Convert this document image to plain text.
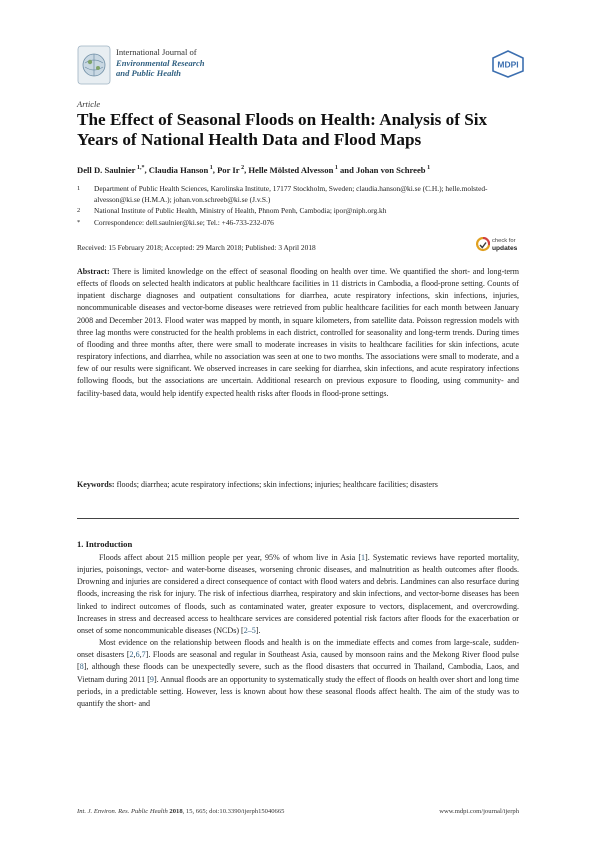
International Journal of
Environmental Research
and Public Health
MDPI
Article
The Effect of Seasonal Floods on Health: Analysis of Six Years of National Health Data and Flood Maps
Dell D. Saulnier $^{1,*}$, Claudia Hanson $^1$, Por Ir $^2$, Helle Mölsted Alvesson $^1$ and Johan von Schreeb $^1$
1	Department of Public Health Sciences, Karolinska Institute, 17177 Stockholm, Sweden; claudia.hanson@ki.se (C.H.); helle.molsted-alvesson@ki.se (H.M.A.); johan.von.schreeb@ki.se (J.v.S.)
2	National Institute of Public Health, Ministry of Health, Phnom Penh, Cambodia; ipor@niph.org.kh
*	Correspondence: dell.saulnier@ki.se; Tel.: +46-733-232-076
Received: 15 February 2018; Accepted: 29 March 2018; Published: 3 April 2018
check for
updates
Abstract: There is limited knowledge on the effect of seasonal flooding on health over time. We quantified the short- and long-term effects of floods on selected health indicators at public healthcare facilities in 11 districts in Cambodia, a flood-prone setting. Counts of inpatient discharge diagnoses and outpatient consultations for diarrhea, acute respiratory infections, skin infections, injuries, noncommunicable diseases and vector-borne diseases were retrieved from public healthcare facilities for each month between January 2008 and December 2013. Flood water was mapped by month, in square kilometers, from satellite data. Poisson regression models with three lag months were constructed for the health problems in each district, controlled for seasonality and long-term trends. During times of flooding and three months after, there were small to moderate increases in visits to healthcare facilities for skin infections, acute respiratory infections, and diarrhea, while no association was seen at one to two months. The associations were small to moderate, and a few of our results were significant. We observed increases in care seeking for diarrhea, skin infections, and acute respiratory infections following floods, but the associations are uncertain. Additional research on previous exposure to flooding, using community- and facility-based data, would help identify expected health risks after floods in flood-prone settings.
Keywords: floods; diarrhea; acute respiratory infections; skin infections; injuries; healthcare facilities; disasters
1. Introduction

Floods affect about 215 million people per year, 95% of whom live in Asia [1]. Systematic reviews have reported mortality, injuries, poisonings, vector- and water-borne diseases, worsening chronic diseases, and malnutrition as health outcomes after floods. Drowning and injuries are considered a direct consequence of contact with flood waters and debris. Landmines can also resurface during floods, increasing the risk for injury. The risk of infectious diarrhea, respiratory and skin infections, and vector-borne diseases has been linked to indirect outcomes of floods, such as contaminated water, greater exposure to vectors, displacement, and overcrowding. Increases in stress and decreased access to healthcare services are considered potential risk factors after floods for the exacerbation or onset of some noncommunicable diseases (NCDs) [2–5].

Most evidence on the relationship between floods and health is on the immediate effects and comes from large-scale, sudden-onset disasters [2,6,7]. Floods are seasonal and regular in Southeast Asia, caused by monsoon rains and the Mekong River flood pulse [8], although these floods can be unexpectedly severe, such as the flood disasters that occurred in Thailand, Cambodia, Laos, and Vietnam during 2011 [9]. Annual floods are an opportunity to systematically study the effect of floods on health over short and long time periods, in a predictable setting. However, less is known about how these seasonal floods affect health. The aim of the study was to quantify the short- and

Int. J. Environ. Res. Public Health 2018, 15, 665; doi:10.3390/ijerph15040665	www.mdpi.com/journal/ijerph
